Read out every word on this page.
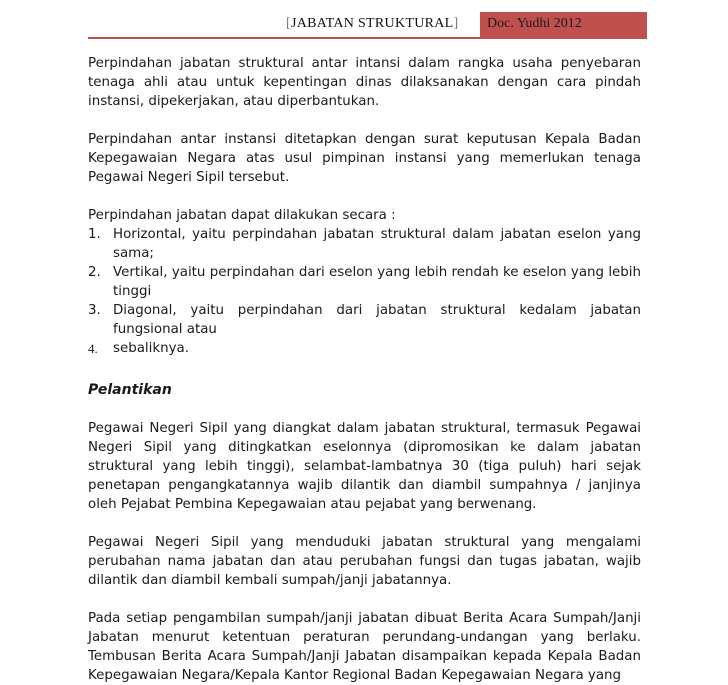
[JABATAN STRUKTURAL]	Doc. Yudhi 2012

Perpindahan jabatan struktural antar intansi dalam rangka usaha penyebaran tenaga ahli atau untuk kepentingan dinas dilaksanakan dengan cara pindah instansi, dipekerjakan, atau diperbantukan.

Perpindahan antar instansi ditetapkan dengan surat keputusan Kepala Badan Kepegawaian Negara atas usul pimpinan instansi yang memerlukan tenaga Pegawai Negeri Sipil tersebut.

Perpindahan jabatan dapat dilakukan secara :

1. Horizontal, yaitu perpindahan jabatan struktural dalam jabatan eselon yang sama;
2. Vertikal, yaitu perpindahan dari eselon yang lebih rendah ke eselon yang lebih tinggi
3. Diagonal, yaitu perpindahan dari jabatan struktural kedalam jabatan fungsional atau
4. sebaliknya.
Pelantikan

Pegawai Negeri Sipil yang diangkat dalam jabatan struktural, termasuk Pegawai Negeri Sipil yang ditingkatkan eselonnya (dipromosikan ke dalam jabatan struktural yang lebih tinggi), selambat-lambatnya 30 (tiga puluh) hari sejak penetapan pengangkatannya wajib dilantik dan diambil sumpahnya / janjinya oleh Pejabat Pembina Kepegawaian atau pejabat yang berwenang.

Pegawai Negeri Sipil yang menduduki jabatan struktural yang mengalami perubahan nama jabatan dan atau perubahan fungsi dan tugas jabatan, wajib dilantik dan diambil kembali sumpah/janji jabatannya.

Pada setiap pengambilan sumpah/janji jabatan dibuat Berita Acara Sumpah/Janji Jabatan menurut ketentuan peraturan perundang-undangan yang berlaku. Tembusan Berita Acara Sumpah/Janji Jabatan disampaikan kepada Kepala Badan Kepegawaian Negara/Kepala Kantor Regional Badan Kepegawaian Negara yang
